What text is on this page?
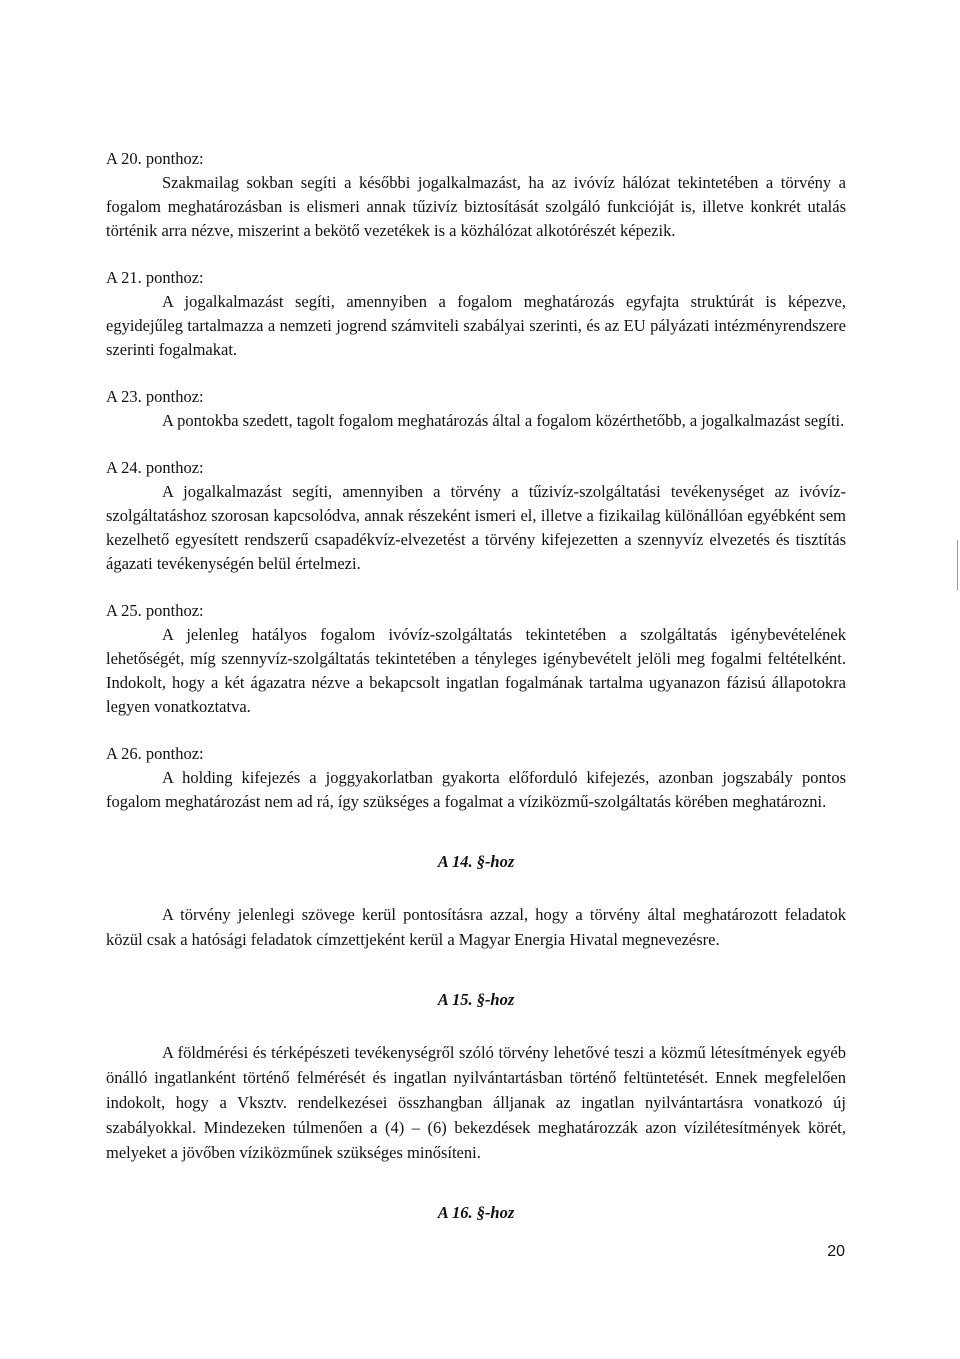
A 20. ponthoz:

Szakmailag sokban segíti a későbbi jogalkalmazást, ha az ivóvíz hálózat tekintetében a törvény a fogalom meghatározásban is elismeri annak tűzivíz biztosítását szolgáló funkcióját is, illetve konkrét utalás történik arra nézve, miszerint a bekötő vezetékek is a közhálózat alkotórészét képezik.

A 21. ponthoz:

A jogalkalmazást segíti, amennyiben a fogalom meghatározás egyfajta struktúrát is képezve, egyidejűleg tartalmazza a nemzeti jogrend számviteli szabályai szerinti, és az EU pályázati intézményrendszere szerinti fogalmakat.

A 23. ponthoz:

A pontokba szedett, tagolt fogalom meghatározás által a fogalom közérthetőbb, a jogalkalmazást segíti.

A 24. ponthoz:

A jogalkalmazást segíti, amennyiben a törvény a tűzivíz-szolgáltatási tevékenységet az ivóvíz-szolgáltatáshoz szorosan kapcsolódva, annak részeként ismeri el, illetve a fizikailag különállóan egyébként sem kezelhető egyesített rendszerű csapadékvíz-elvezetést a törvény kifejezetten a szennyvíz elvezetés és tisztítás ágazati tevékenységén belül értelmezi.

A 25. ponthoz:

A jelenleg hatályos fogalom ivóvíz-szolgáltatás tekintetében a szolgáltatás igénybevételének lehetőségét, míg szennyvíz-szolgáltatás tekintetében a tényleges igénybevételt jelöli meg fogalmi feltételként. Indokolt, hogy a két ágazatra nézve a bekapcsolt ingatlan fogalmának tartalma ugyanazon fázisú állapotokra legyen vonatkoztatva.

A 26. ponthoz:

A holding kifejezés a joggyakorlatban gyakorta előforduló kifejezés, azonban jogszabály pontos fogalom meghatározást nem ad rá, így szükséges a fogalmat a víziközmű-szolgáltatás körében meghatározni.

A 14. §-hoz

A törvény jelenlegi szövege kerül pontosításra azzal, hogy a törvény által meghatározott feladatok közül csak a hatósági feladatok címzettjeként kerül a Magyar Energia Hivatal megnevezésre.

A 15. §-hoz

A földmérési és térképészeti tevékenységről szóló törvény lehetővé teszi a közmű létesítmények egyéb önálló ingatlanként történő felmérését és ingatlan nyilvántartásban történő feltüntetését. Ennek megfelelően indokolt, hogy a Vksztv. rendelkezései összhangban álljanak az ingatlan nyilvántartásra vonatkozó új szabályokkal. Mindezeken túlmenően a (4) – (6) bekezdések meghatározzák azon vízilétesítmények körét, melyeket a jövőben víziközműnek szükséges minősíteni.

A 16. §-hoz

20
